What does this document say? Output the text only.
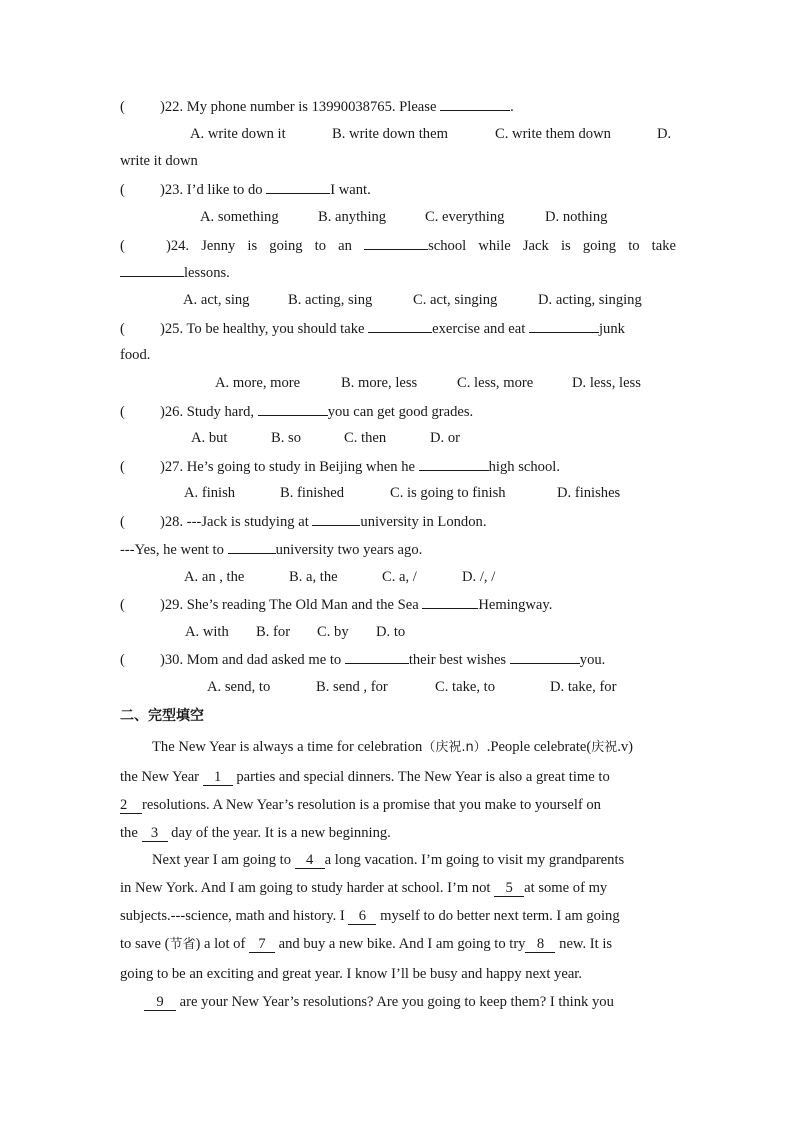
( )22. My phone number is 13990038765. Please	.
A. write down it	B. write down them	C. write them down	D.
write it down
( )23. I’d like to do	I want.
A. something	B. anything	C. everything	D. nothing
(	)24. Jenny is going to an	school while Jack is going to take
lessons.
A. act, sing	B. acting, sing	C. act, singing	D. acting, singing
( )25. To be healthy, you should take	exercise and eat	junk
food.
A. more, more	B. more, less	C. less, more	D. less, less
( )26. Study hard,	you can get good grades.
A. but	B. so	C. then	D. or
( )27. He’s going to study in Beijing when he	high school.
A. finish	B. finished	C. is going to finish	D. finishes
( )28. ---Jack is studying at	university in London.
---Yes, he went to	university two years ago.
A. an , the	B. a, the	C. a, /	D. /, /
( )29. She’s reading The Old Man and the Sea	Hemingway.
A. with B. for C. by D. to
( )30. Mom and dad asked me to	their best wishes	you.
A. send, to	B. send , for	C. take, to	D. take, for
二、完型填空
The New Year is always a time for celebration（庆祝.n）.People celebrate(庆祝.v)
the New Year 1 parties and special dinners. The New Year is also a great time to
2 resolutions. A New Year’s resolution is a promise that you make to yourself on
the 3 day of the year. It is a new beginning.
Next year I am going to 4 a long vacation. I’m going to visit my grandparents
in New York. And I am going to study harder at school. I’m not 5 at some of my
subjects.---science, math and history. I 6 myself to do better next term. I am going
to save (节省) a lot of 7 and buy a new bike. And I am going to try 8 new. It is
going to be an exciting and great year. I know I’ll be busy and happy next year.
9 are your New Year’s resolutions? Are you going to keep them? I think you
